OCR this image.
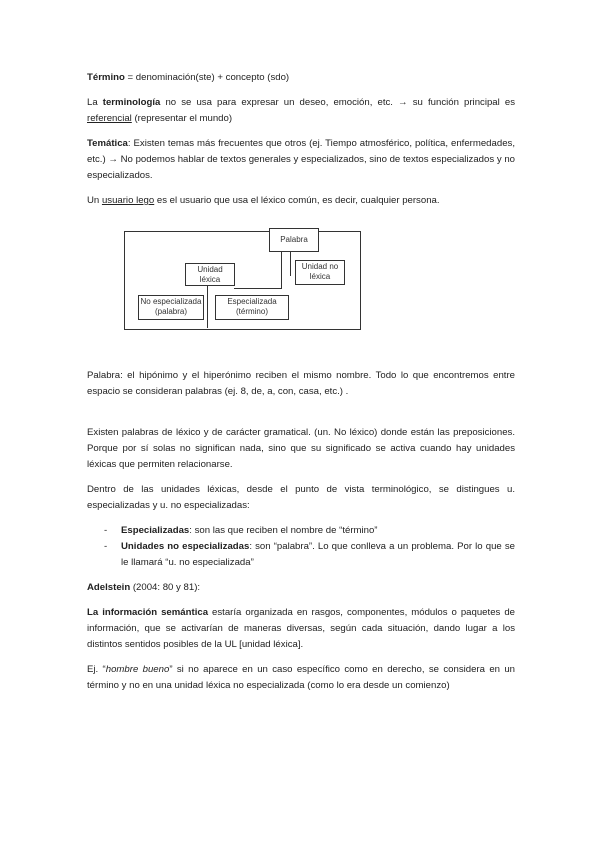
Término = denominación(ste) + concepto (sdo)

La terminología no se usa para expresar un deseo, emoción, etc. → su función principal es referencial (representar el mundo)

Temática: Existen temas más frecuentes que otros (ej. Tiempo atmosférico, política, enfermedades, etc.) → No podemos hablar de textos generales y especializados, sino de textos especializados y no especializados.

Un usuario lego es el usuario que usa el léxico común, es decir, cualquier persona.

Palabra
Unidad léxica
Unidad no léxica
No especializada (palabra)
Especializada (término)

Palabra: el hipónimo y el hiperónimo reciben el mismo nombre. Todo lo que encontremos entre espacio se consideran palabras (ej. 8, de, a, con, casa, etc.) .

Existen palabras de léxico y de carácter gramatical. (un. No léxico) donde están las preposiciones. Porque por sí solas no significan nada, sino que su significado se activa cuando hay unidades léxicas que permiten relacionarse.

Dentro de las unidades léxicas, desde el punto de vista terminológico, se distingues u. especializadas y u. no especializadas:

- Especializadas: son las que reciben el nombre de “término”
- Unidades no especializadas: son “palabra”. Lo que conlleva a un problema. Por lo que se le llamará “u. no especializada”

Adelstein (2004: 80 y 81):

La información semántica estaría organizada en rasgos, componentes, módulos o paquetes de información, que se activarían de maneras diversas, según cada situación, dando lugar a los distintos sentidos posibles de la UL [unidad léxica].

Ej. “hombre bueno” si no aparece en un caso específico como en derecho, se considera en un término y no en una unidad léxica no especializada (como lo era desde un comienzo)
